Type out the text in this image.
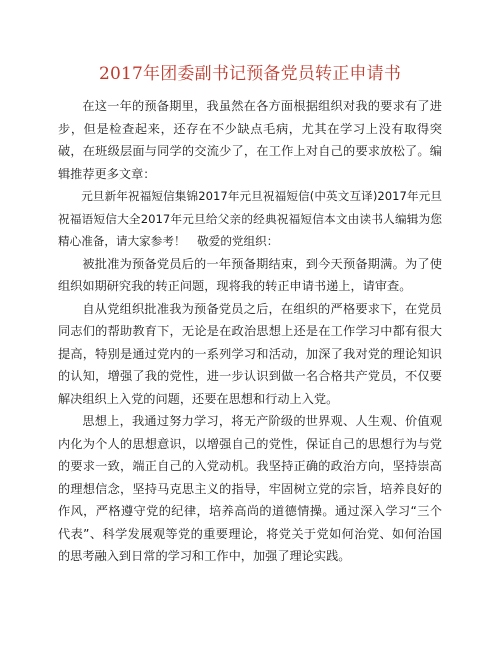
2017年团委副书记预备党员转正申请书

在这一年的预备期里，我虽然在各方面根据组织对我的要求有了进步，但是检查起来，还存在不少缺点毛病，尤其在学习上没有取得突破，在班级层面与同学的交流少了，在工作上对自己的要求放松了。编辑推荐更多文章：

元旦新年祝福短信集锦2017年元旦祝福短信(中英文互译)2017年元旦祝福语短信大全2017年元旦给父亲的经典祝福短信本文由读书人编辑为您精心准备，请大家参考！　敬爱的党组织：

被批准为预备党员后的一年预备期结束，到今天预备期满。为了使组织如期研究我的转正问题，现将我的转正申请书递上，请审查。

自从党组织批准我为预备党员之后，在组织的严格要求下，在党员同志们的帮助教育下，无论是在政治思想上还是在工作学习中都有很大提高，特别是通过党内的一系列学习和活动，加深了我对党的理论知识的认知，增强了我的党性，进一步认识到做一名合格共产党员，不仅要解决组织上入党的问题，还要在思想和行动上入党。

思想上，我通过努力学习，将无产阶级的世界观、人生观、价值观内化为个人的思想意识，以增强自己的党性，保证自己的思想行为与党的要求一致，端正自己的入党动机。我坚持正确的政治方向，坚持崇高的理想信念，坚持马克思主义的指导，牢固树立党的宗旨，培养良好的作风，严格遵守党的纪律，培养高尚的道德情操。通过深入学习“三个代表”、科学发展观等党的重要理论，将党关于党如何治党、如何治国的思考融入到日常的学习和工作中，加强了理论实践。
